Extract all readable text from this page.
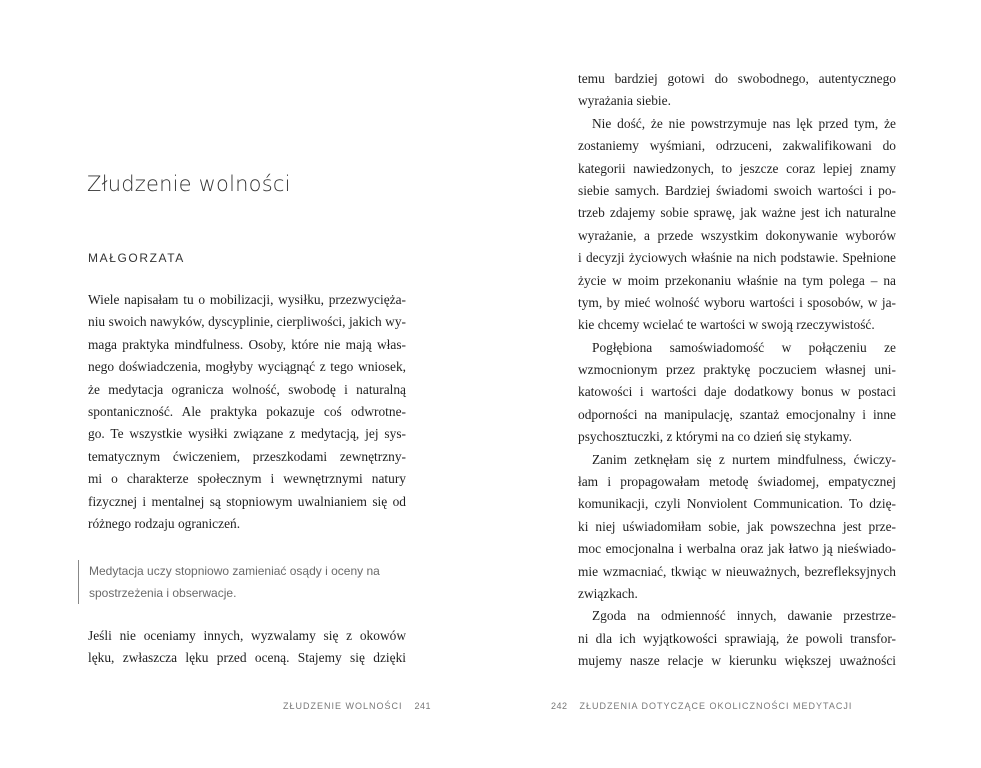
Złudzenie wolności
MAŁGORZATA
Wiele napisałam tu o mobilizacji, wysiłku, przezwycięża-
niu swoich nawyków, dyscyplinie, cierpliwości, jakich wy-
maga praktyka mindfulness. Osoby, które nie mają włas-
nego doświadczenia, mogłyby wyciągnąć z tego wniosek,
że medytacja ogranicza wolność, swobodę i naturalną
spontaniczność. Ale praktyka pokazuje coś odwrotne-
go. Te wszystkie wysiłki związane z medytacją, jej sys-
tematycznym ćwiczeniem, przeszkodami zewnętrzny-
mi o charakterze społecznym i wewnętrznymi natury
fizycznej i mentalnej są stopniowym uwalnianiem się od
różnego rodzaju ograniczeń.
Medytacja uczy stopniowo zamieniać osądy i oceny na
spostrzeżenia i obserwacje.
Jeśli nie oceniamy innych, wyzwalamy się z okowów
lęku, zwłaszcza lęku przed oceną. Stajemy się dzięki
ZŁUDZENIE WOLNOŚCI 241
temu bardziej gotowi do swobodnego, autentycznego
wyrażania siebie.
Nie dość, że nie powstrzymuje nas lęk przed tym, że
zostaniemy wyśmiani, odrzuceni, zakwalifikowani do
kategorii nawiedzonych, to jeszcze coraz lepiej znamy
siebie samych. Bardziej świadomi swoich wartości i po-
trzeb zdajemy sobie sprawę, jak ważne jest ich naturalne
wyrażanie, a przede wszystkim dokonywanie wyborów
i decyzji życiowych właśnie na nich podstawie. Spełnione
życie w moim przekonaniu właśnie na tym polega – na
tym, by mieć wolność wyboru wartości i sposobów, w ja-
kie chcemy wcielać te wartości w swoją rzeczywistość.
Pogłębiona samoświadomość w połączeniu ze
wzmocnionym przez praktykę poczuciem własnej uni-
katowości i wartości daje dodatkowy bonus w postaci
odporności na manipulację, szantaż emocjonalny i inne
psychosztuczki, z którymi na co dzień się stykamy.
Zanim zetknęłam się z nurtem mindfulness, ćwiczy-
łam i propagowałam metodę świadomej, empatycznej
komunikacji, czyli Nonviolent Communication. To dzię-
ki niej uświadomiłam sobie, jak powszechna jest prze-
moc emocjonalna i werbalna oraz jak łatwo ją nieświado-
mie wzmacniać, tkwiąc w nieuważnych, bezrefleksyjnych
związkach.
Zgoda na odmienność innych, dawanie przestrze-
ni dla ich wyjątkowości sprawiają, że powoli transfor-
mujemy nasze relacje w kierunku większej uważności
242 ZŁUDZENIA DOTYCZĄCE OKOLICZNOŚCI MEDYTACJI
